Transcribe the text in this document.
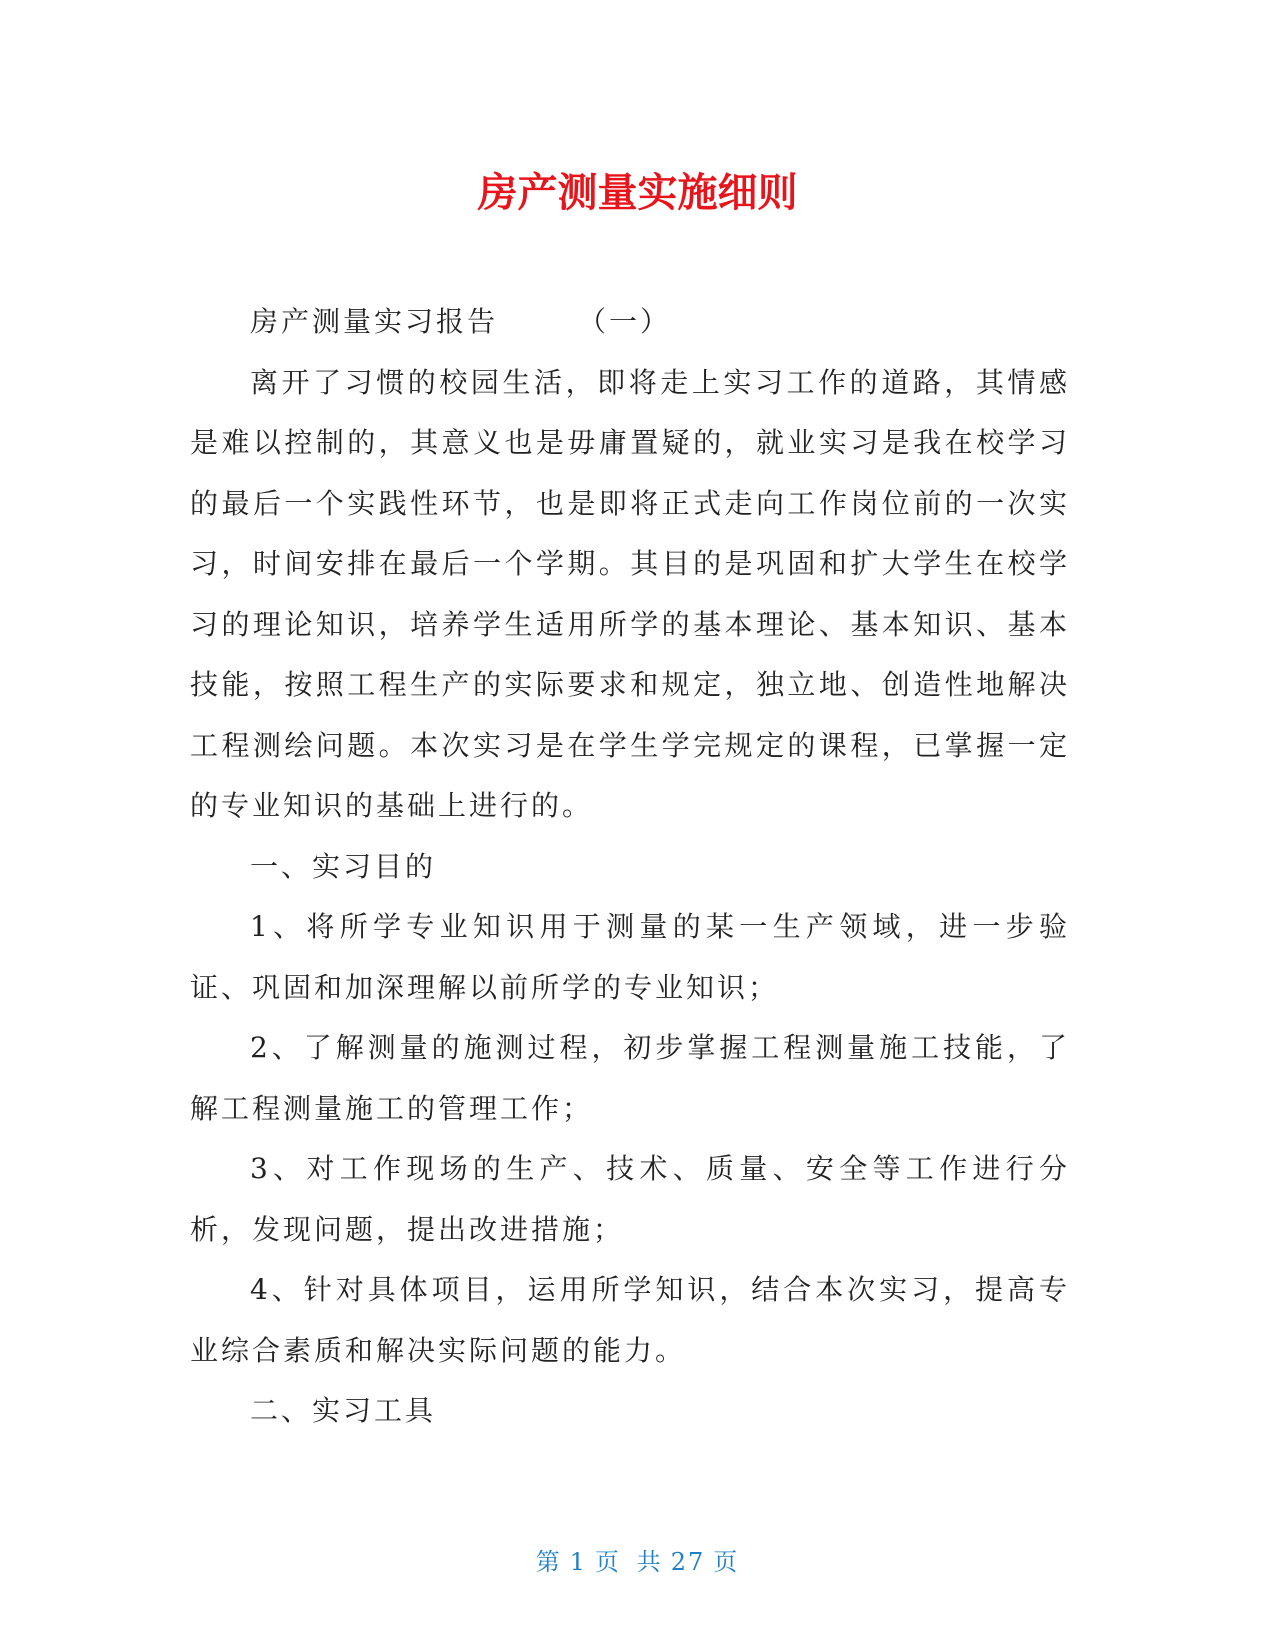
房产测量实施细则

房产测量实习报告	（一）

离开了习惯的校园生活，即将走上实习工作的道路，其情感是难以控制的，其意义也是毋庸置疑的，就业实习是我在校学习的最后一个实践性环节，也是即将正式走向工作岗位前的一次实习，时间安排在最后一个学期。其目的是巩固和扩大学生在校学习的理论知识，培养学生适用所学的基本理论、基本知识、基本技能，按照工程生产的实际要求和规定，独立地、创造性地解决工程测绘问题。本次实习是在学生学完规定的课程，已掌握一定的专业知识的基础上进行的。

一、实习目的

1、将所学专业知识用于测量的某一生产领域，进一步验证、巩固和加深理解以前所学的专业知识；

2、了解测量的施测过程，初步掌握工程测量施工技能，了解工程测量施工的管理工作；

3、对工作现场的生产、技术、质量、安全等工作进行分析，发现问题，提出改进措施；

4、针对具体项目，运用所学知识，结合本次实习，提高专业综合素质和解决实际问题的能力。

二、实习工具

第 1 页 共 27 页
